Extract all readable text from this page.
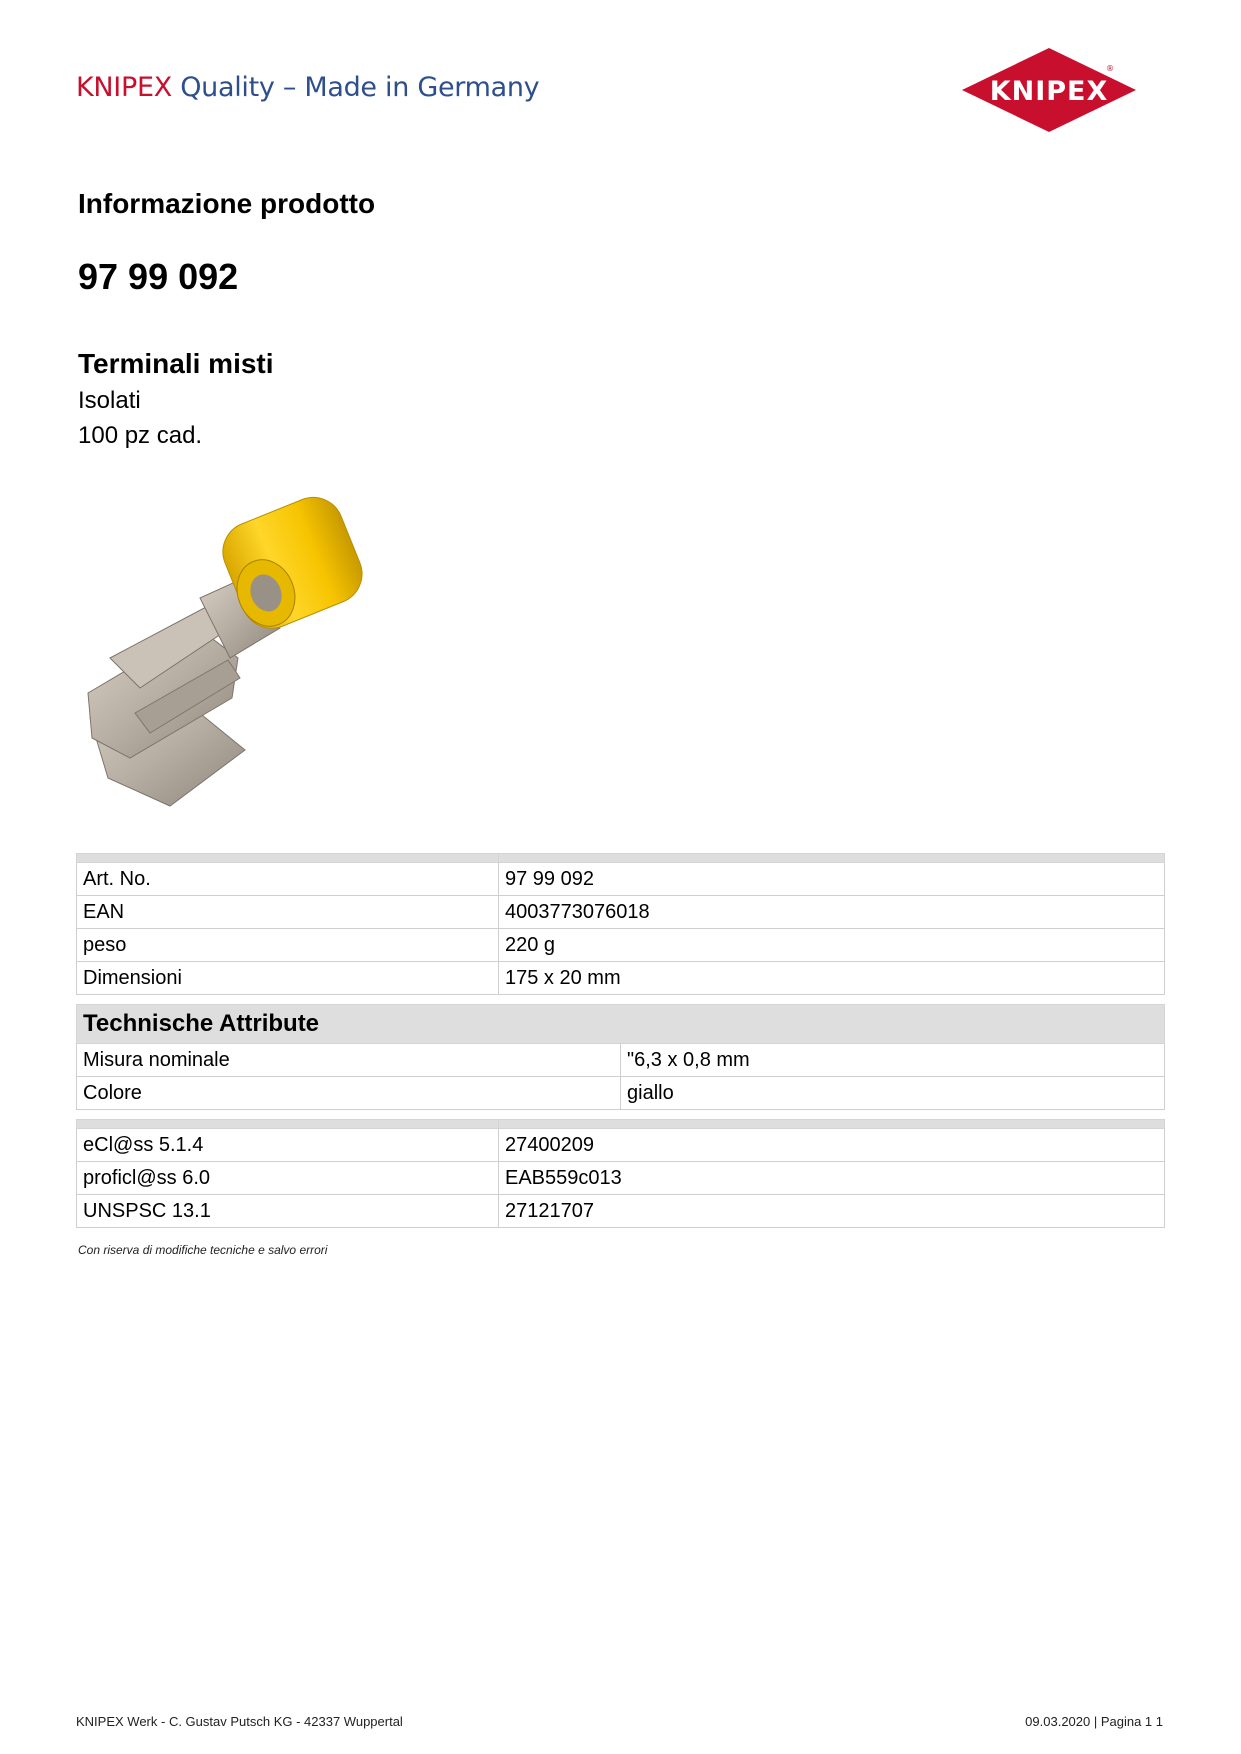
KNIPEX Quality – Made in Germany	KNIPEX
®
Informazione prodotto
97 99 092
Terminali misti
Isolati
100 pz cad.

Art. No.	97 99 092
EAN	4003773076018
peso	220 g
Dimensioni	175 x 20 mm
Technische Attribute	
Misura nominale	"6,3 x 0,8 mm
Colore	giallo

eCl@ss 5.1.4	27400209
proficl@ss 6.0	EAB559c013
UNSPSC 13.1	27121707
Con riserva di modifiche tecniche e salvo errori
KNIPEX Werk - C. Gustav Putsch KG - 42337 Wuppertal	09.03.2020 | Pagina 1 1
